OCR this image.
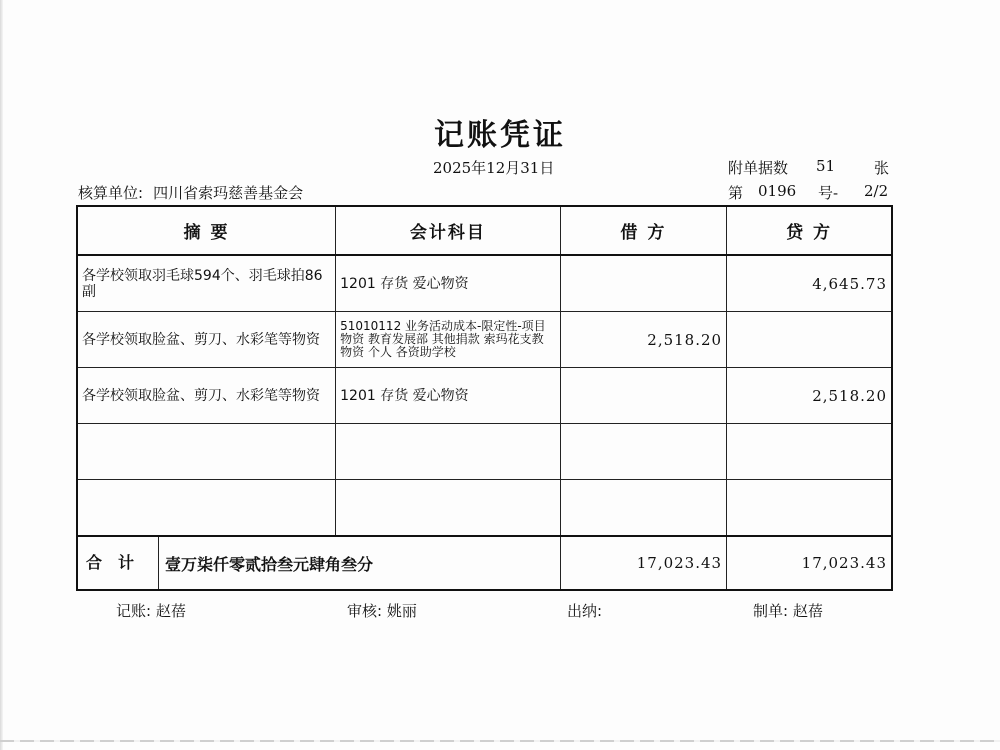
记账凭证
2025年12月31日	附单据数 51	张
核算单位: 四川省索玛慈善基金会	第 0196 号- 2/2
摘 要	会计科目	借 方	贷 方
各学校领取羽毛球594个、羽毛球拍86副	1201 存货 爱心物资		4,645.73
各学校领取脸盆、剪刀、水彩笔等物资	51010112 业务活动成本-限定性-项目物资 教育发展部 其他捐款 索玛花支教 物资 个人 各资助学校	2,518.20	
各学校领取脸盆、剪刀、水彩笔等物资	1201 存货 爱心物资		2,518.20

合计 壹万柒仟零贰拾叁元肆角叁分		17,023.43	17,023.43
记账: 赵蓓	审核: 姚丽	出纳:	制单: 赵蓓
